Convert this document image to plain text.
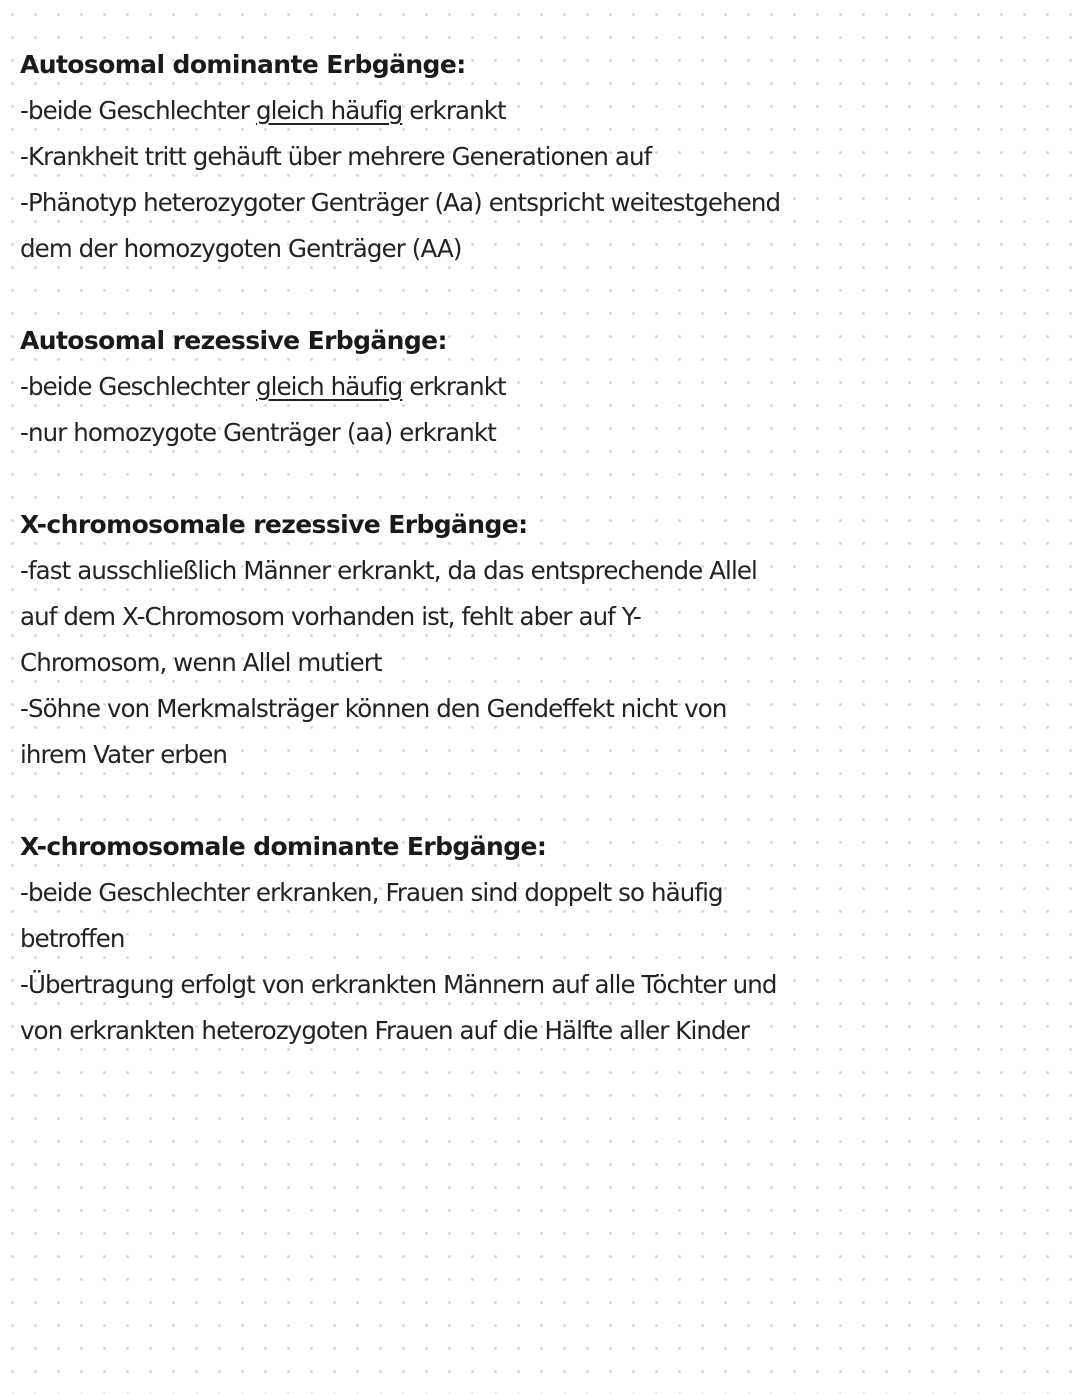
Autosomal dominante Erbgänge:
-beide Geschlechter gleich häufig erkrankt
-Krankheit tritt gehäuft über mehrere Generationen auf
-Phänotyp heterozygoter Genträger (Aa) entspricht weitestgehend
dem der homozygoten Genträger (AA)
Autosomal rezessive Erbgänge:
-beide Geschlechter gleich häufig erkrankt
-nur homozygote Genträger (aa) erkrankt
X-chromosomale rezessive Erbgänge:
-fast ausschließlich Männer erkrankt, da das entsprechende Allel
auf dem X-Chromosom vorhanden ist, fehlt aber auf Y-
Chromosom, wenn Allel mutiert
-Söhne von Merkmalsträger können den Gendeffekt nicht von
ihrem Vater erben
X-chromosomale dominante Erbgänge:
-beide Geschlechter erkranken, Frauen sind doppelt so häufig
betroffen
-Übertragung erfolgt von erkrankten Männern auf alle Töchter und
von erkrankten heterozygoten Frauen auf die Hälfte aller Kinder
